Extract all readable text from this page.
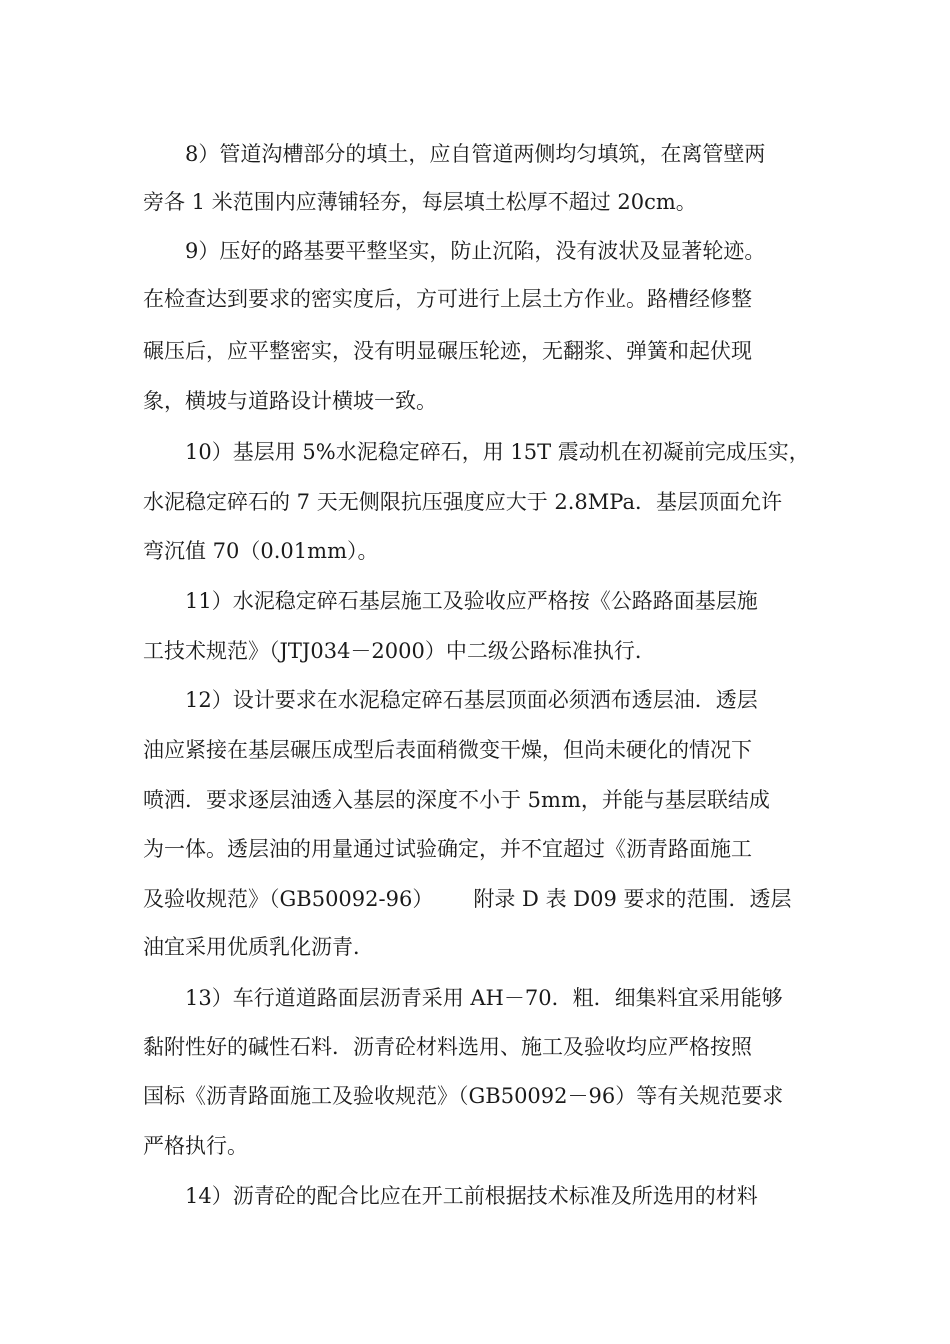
8）管道沟槽部分的填土，应自管道两侧均匀填筑，在离管壁两
旁各 1 米范围内应薄铺轻夯，每层填土松厚不超过 20cm。
9）压好的路基要平整坚实，防止沉陷，没有波状及显著轮迹。
在检查达到要求的密实度后，方可进行上层土方作业。路槽经修整
碾压后，应平整密实，没有明显碾压轮迹，无翻浆、弹簧和起伏现
象，横坡与道路设计横坡一致。
10）基层用 5%水泥稳定碎石，用 15T 震动机在初凝前完成压实，
水泥稳定碎石的 7 天无侧限抗压强度应大于 2.8MPa．基层顶面允许
弯沉值 70（0.01mm）。
11）水泥稳定碎石基层施工及验收应严格按《公路路面基层施
工技术规范》（JTJ034－2000）中二级公路标准执行．
12）设计要求在水泥稳定碎石基层顶面必须洒布透层油．透层
油应紧接在基层碾压成型后表面稍微变干燥，但尚未硬化的情况下
喷洒．要求逐层油透入基层的深度不小于 5mm，并能与基层联结成
为一体。透层油的用量通过试验确定，并不宜超过《沥青路面施工
及验收规范》（GB50092-96）      附录 D 表 D09 要求的范围．透层
油宜采用优质乳化沥青．
13）车行道道路面层沥青采用 AH－70．粗．细集料宜采用能够
黏附性好的碱性石料．沥青砼材料选用、施工及验收均应严格按照
国标《沥青路面施工及验收规范》（GB50092－96）等有关规范要求
严格执行。
14）沥青砼的配合比应在开工前根据技术标准及所选用的材料
